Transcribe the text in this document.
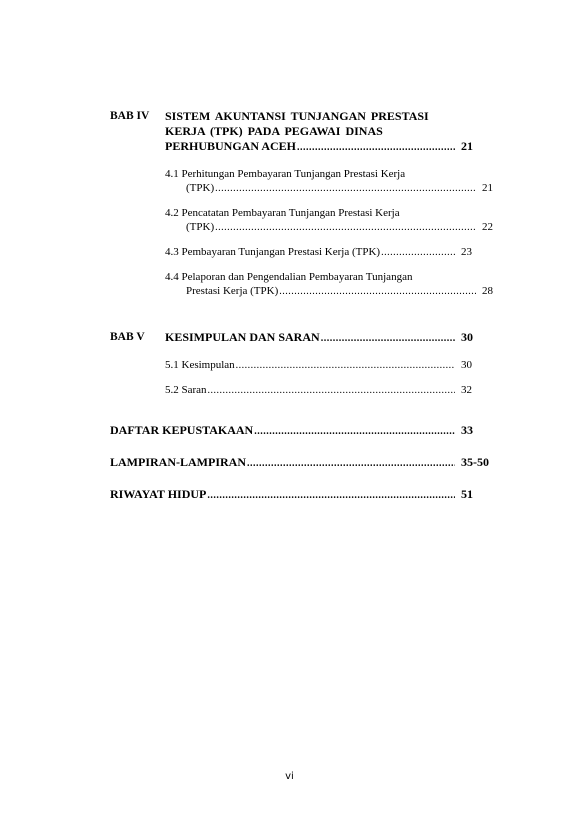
BAB IV	SISTEM AKUNTANSI TUNJANGAN PRESTASI
KERJA (TPK) PADA PEGAWAI DINAS
PERHUBUNGAN ACEH .....	21
4.1 Perhitungan Pembayaran Tunjangan Prestasi Kerja
(TPK) .....	21
4.2 Pencatatan Pembayaran Tunjangan Prestasi Kerja
(TPK) .....	22
4.3 Pembayaran Tunjangan Prestasi Kerja (TPK) .....	23
4.4 Pelaporan dan Pengendalian Pembayaran Tunjangan
Prestasi Kerja (TPK) .....	28
BAB V	KESIMPULAN DAN SARAN .....	30
5.1 Kesimpulan .....	30
5.2 Saran .....	32
DAFTAR KEPUSTAKAAN .....	33
LAMPIRAN-LAMPIRAN .....	35-50
RIWAYAT HIDUP .....	51
vi
